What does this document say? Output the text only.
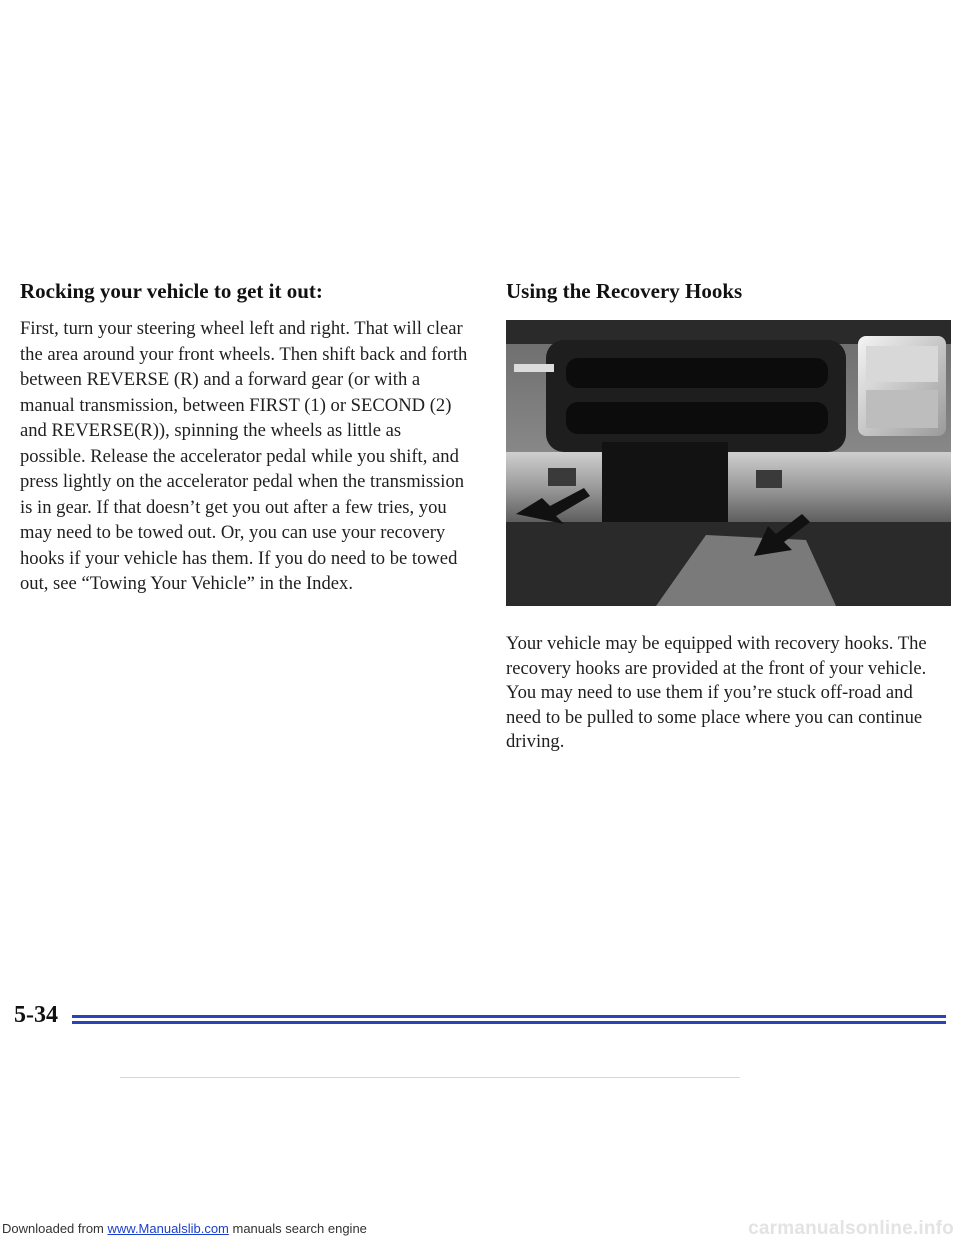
Rocking your vehicle to get it out:

First, turn your steering wheel left and right. That will clear the area around your front wheels. Then shift back and forth between REVERSE (R) and a forward gear (or with a manual transmission, between FIRST (1) or SECOND (2) and REVERSE(R)), spinning the wheels as little as possible. Release the accelerator pedal while you shift, and press lightly on the accelerator pedal when the transmission is in gear. If that doesn’t get you out after a few tries, you may need to be towed out. Or, you can use your recovery hooks if your vehicle has them. If you do need to be towed out, see “Towing Your Vehicle” in the Index.

Using the Recovery Hooks

Your vehicle may be equipped with recovery hooks. The recovery hooks are provided at the front of your vehicle. You may need to use them if you’re stuck off-road and need to be pulled to some place where you can continue driving.

5-34
Downloaded from www.Manualslib.com manuals search engine	carmanualsonline.info
